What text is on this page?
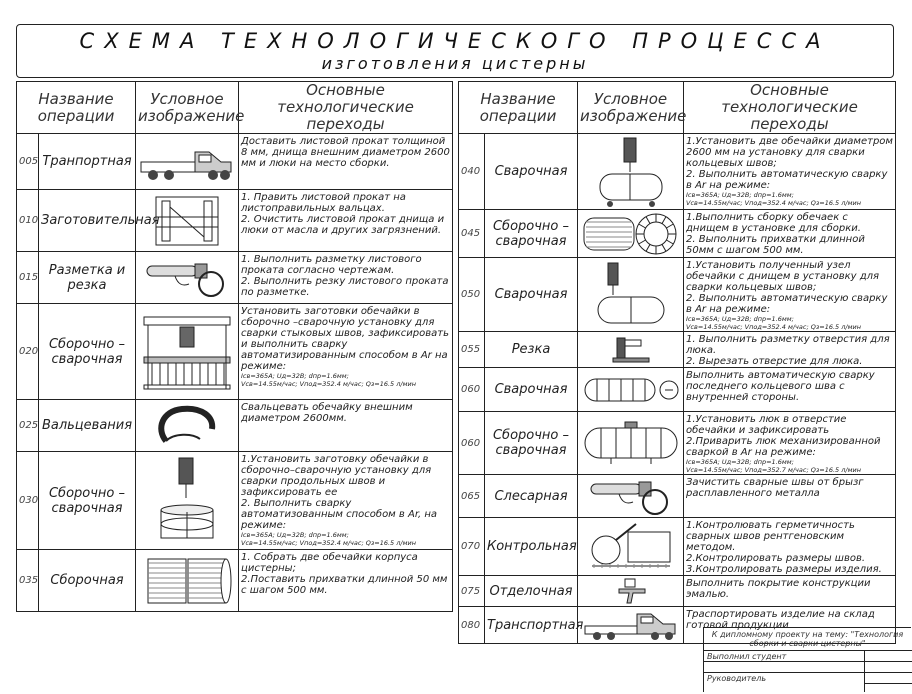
СХЕМА ТЕХНОЛОГИЧЕСКОГО ПРОЦЕССА
изготовления цистерны
Название операции		Условное изображение	Основные технологические переходы
005	Транпортная		Доставить листовой прокат толщиной 8 мм, днища внешним диаметром 2600 мм и люки на место сборки.

010	Заготовительная		1. Править листовой прокат на листоправильных вальцах.
2. Очистить листовой прокат днища и люки от масла и других загрязнений.

015	Разметка и резка		1. Выполнить разметку листового проката согласно чертежам.
2. Выполнить резку листового проката по разметке.

020	Сборочно – сварочная		Установить заготовки обечайки в сборочно –сварочную установку для сварки стыковых швов, зафиксировать и выполнить сварку автоматизированным способом в Ar на режиме:
Iсв=365А; Uд=32В; dпр=1.6мм;
Vсв=14.55м/час; Vпод=352.4 м/час; Qз=16.5 л/мин

025	Вальцевания		Свальцевать обечайку внешним диаметром 2600мм.

030	Сборочно – сварочная		1.Установить заготовку обечайки в сборочно–сварочную установку для сварки продольных швов и зафиксировать ее
2. Выполнить сварку автоматизованным способом в Ar, на режиме:
Iсв=365А; Uд=32В; dпр=1.6мм;
Vсв=14.55м/час; Vпод=352.4 м/час; Qз=16.5 л/мин

035	Сборочная		1. Собрать две обечайки корпуса цистерны;
2.Поставить прихватки длинной 50 мм с шагом 500 мм.
Название операции		Условное изображение	Основные технологические переходы
040	Сварочная		1.Установить две обечайки диаметром 2600 мм на установку для сварки кольцевых швов;
2. Выполнить автоматическую сварку в Ar на режиме:
Iсв=365А; Uд=32В; dпр=1.6мм;
Vсв=14.55м/час; Vпод=352.4 м/час; Qз=16.5 л/мин

045	Сборочно – сварочная		1.Выполнить сборку обечаек с днищем в установке для сборки.
2. Выполнить прихватки длинной 50мм с шагом 500 мм.

050	Сварочная		1.Установить полученный узел обечайки с днищем в установку для сварки кольцевых швов;
2. Выполнить автоматическую сварку в Ar на режиме:
Iсв=365А; Uд=32В; dпр=1.6мм;
Vсв=14.55м/час; Vпод=352.4 м/час; Qз=16.5 л/мин

055	Резка		1. Выполнить разметку отверстия для люка.
2. Вырезать отверстие для люка.

060	Сварочная		Выполнить автоматическую сварку последнего кольцевого шва с внутренней стороны.

060	Сборочно – сварочная		1.Установить люк в отверстие обечайки и зафиксировать
2.Приварить люк механизированной сваркой в Ar на режиме:
Iсв=365А; Uд=32В; dпр=1.6мм;
Vсв=14.55м/час; Vпод=352.7 м/час; Qз=16.5 л/мин

065	Слесарная		Зачистить сварные швы от брызг расплавленного металла

070	Контрольная		1.Контролювать герметичность сварных швов рентгеновским методом.
2.Контролировать размеры швов.
3.Контролировать размеры изделия.

075	Отделочная		Выполнить покрытие конструкции эмалью.

080	Транспортная		Траспортировать изделие на склад готовой продукции
К дипломному проекту на тему: "Технология сборки и сварки цистерны"
Выполнил студент
Руководитель
